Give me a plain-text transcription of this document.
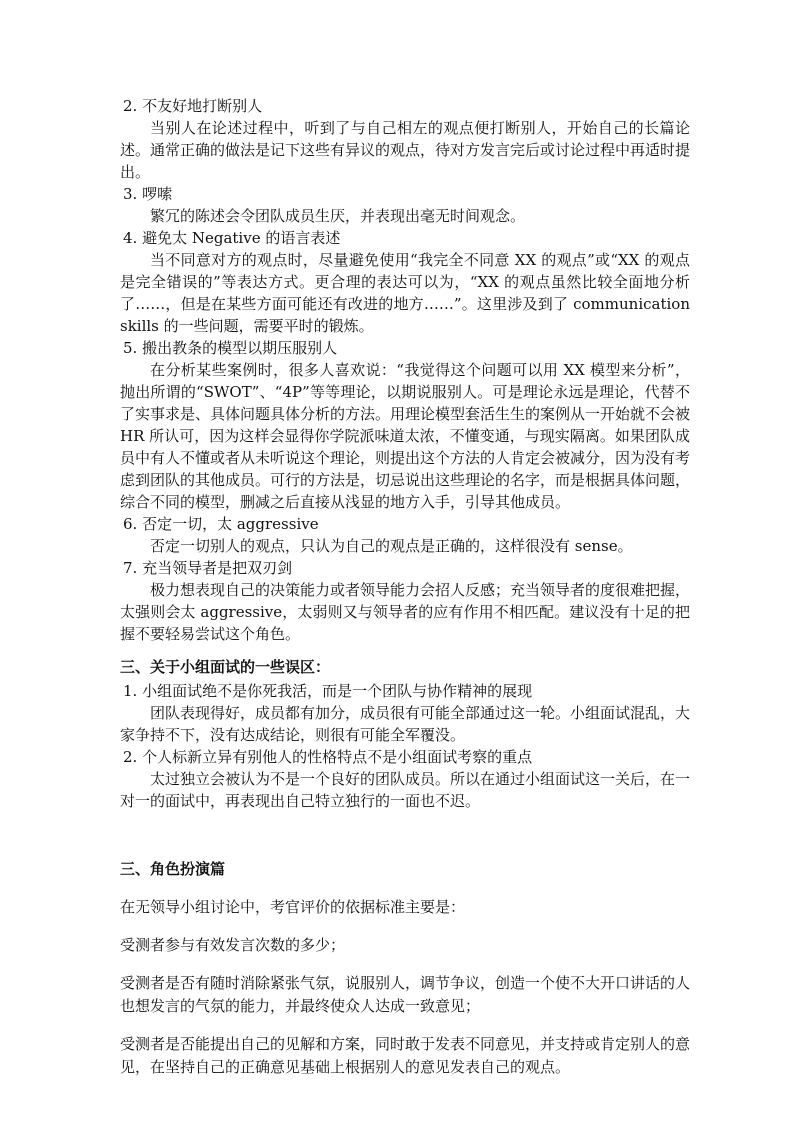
2. 不友好地打断别人

当别人在论述过程中，听到了与自己相左的观点便打断别人，开始自己的长篇论述。通常正确的做法是记下这些有异议的观点，待对方发言完后或讨论过程中再适时提出。

3. 啰嗦

繁冗的陈述会令团队成员生厌，并表现出毫无时间观念。

4. 避免太 Negative 的语言表述

当不同意对方的观点时，尽量避免使用“我完全不同意 XX 的观点”或“XX 的观点是完全错误的”等表达方式。更合理的表达可以为，“XX 的观点虽然比较全面地分析了……，但是在某些方面可能还有改进的地方……”。这里涉及到了 communication skills 的一些问题，需要平时的锻炼。

5. 搬出教条的模型以期压服别人

在分析某些案例时，很多人喜欢说：“我觉得这个问题可以用 XX 模型来分析”，抛出所谓的“SWOT”、“4P”等等理论，以期说服别人。可是理论永远是理论，代替不了实事求是、具体问题具体分析的方法。用理论模型套活生生的案例从一开始就不会被 HR 所认可，因为这样会显得你学院派味道太浓，不懂变通，与现实隔离。如果团队成员中有人不懂或者从未听说这个理论，则提出这个方法的人肯定会被减分，因为没有考虑到团队的其他成员。可行的方法是，切忌说出这些理论的名字，而是根据具体问题，综合不同的模型，删减之后直接从浅显的地方入手，引导其他成员。

6. 否定一切，太 aggressive

否定一切别人的观点，只认为自己的观点是正确的，这样很没有 sense。

7. 充当领导者是把双刃剑

极力想表现自己的决策能力或者领导能力会招人反感；充当领导者的度很难把握，太强则会太 aggressive，太弱则又与领导者的应有作用不相匹配。建议没有十足的把握不要轻易尝试这个角色。

三、关于小组面试的一些误区：

1. 小组面试绝不是你死我活，而是一个团队与协作精神的展现

团队表现得好，成员都有加分，成员很有可能全部通过这一轮。小组面试混乱，大家争持不下，没有达成结论，则很有可能全军覆没。

2. 个人标新立异有别他人的性格特点不是小组面试考察的重点

太过独立会被认为不是一个良好的团队成员。所以在通过小组面试这一关后，在一对一的面试中，再表现出自己特立独行的一面也不迟。

三、角色扮演篇

在无领导小组讨论中，考官评价的依据标准主要是：

受测者参与有效发言次数的多少；

受测者是否有随时消除紧张气氛，说服别人，调节争议，创造一个使不大开口讲话的人也想发言的气氛的能力，并最终使众人达成一致意见；

受测者是否能提出自己的见解和方案，同时敢于发表不同意见，并支持或肯定别人的意见，在坚持自己的正确意见基础上根据别人的意见发表自己的观点。
